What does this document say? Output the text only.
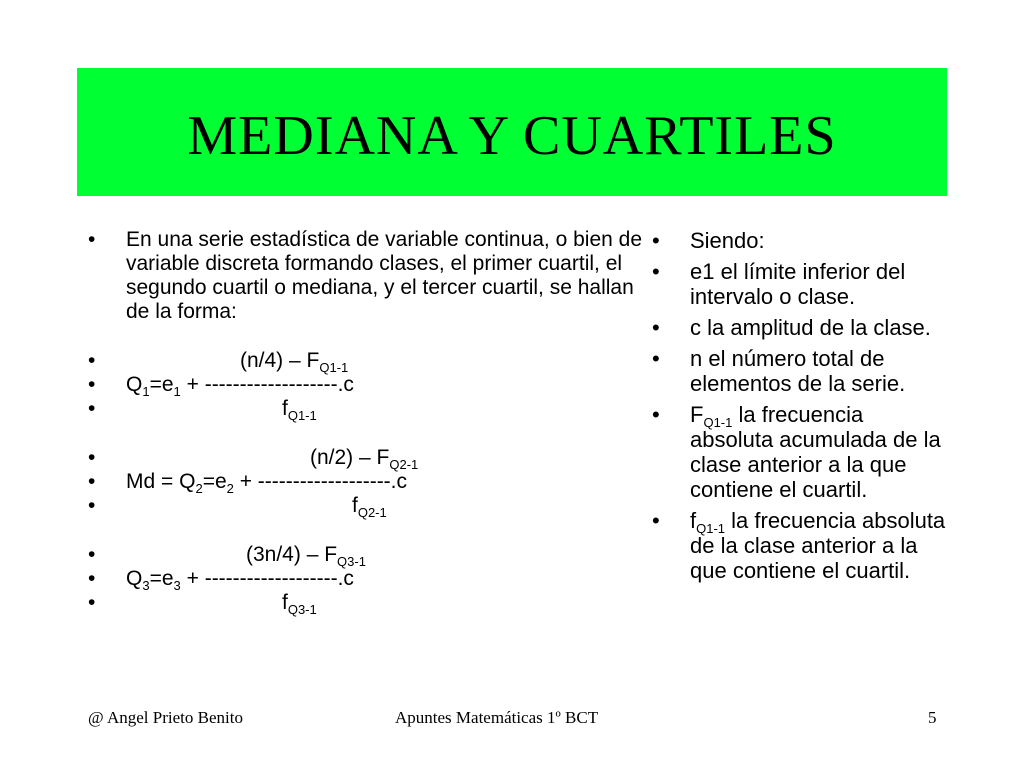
MEDIANA Y CUARTILES
• En una serie estadística de variable continua, o bien de variable discreta formando clases, el primer cuartil, el segundo cuartil o mediana, y el tercer cuartil, se hallan de la forma:
• $(n/4) - F_{Q1-1}$
• $Q_1=e_1 + -------------------.c$
• $f_{Q1-1}$
• $(n/2) - F_{Q2-1}$
• $Md = Q_2=e_2 + -------------------.c$
• $f_{Q2-1}$
• $(3n/4) - F_{Q3-1}$
• $Q_3=e_3 + -------------------.c$
• $f_{Q3-1}$
• Siendo:
• e1 el límite inferior del intervalo o clase.
• c la amplitud de la clase.
• n el número total de elementos de la serie.
• $F_{Q1-1}$ la frecuencia absoluta acumulada de la clase anterior a la que contiene el cuartil.
• $f_{Q1-1}$ la frecuencia absoluta de la clase anterior a la que contiene el cuartil.
@ Angel Prieto Benito	Apuntes Matemáticas 1º BCT	5
